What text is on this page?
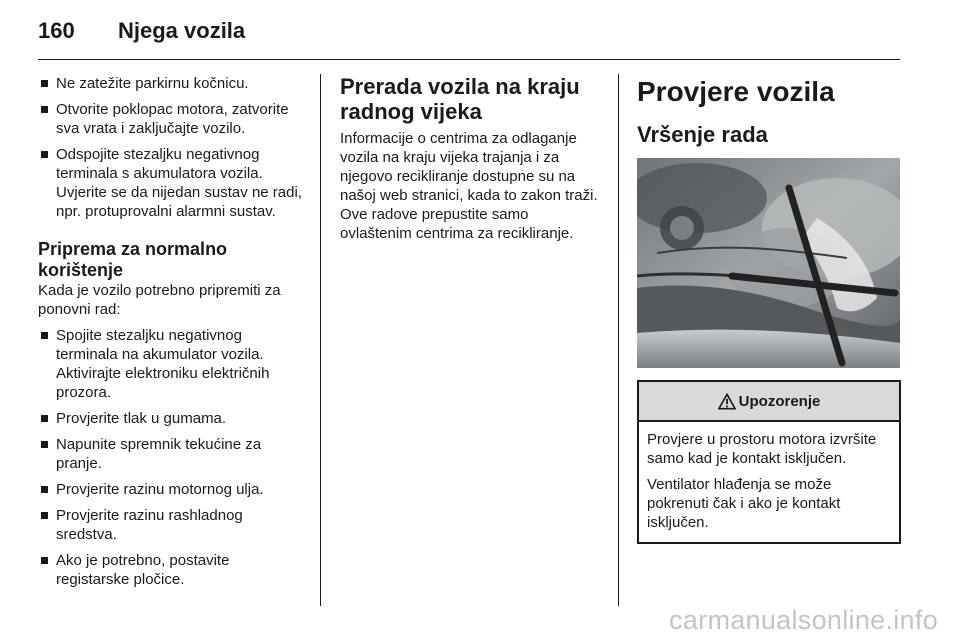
160 Njega vozila
Ne zatežite parkirnu kočnicu.
Otvorite poklopac motora, zatvorite sva vrata i zaključajte vozilo.
Odspojite stezaljku negativnog terminala s akumulatora vozila. Uvjerite se da nijedan sustav ne radi, npr. protuprovalni alarmni sustav.
Priprema za normalno korištenje

Kada je vozilo potrebno pripremiti za ponovni rad:

Spojite stezaljku negativnog terminala na akumulator vozila. Aktivirajte elektroniku električnih prozora.
Provjerite tlak u gumama.
Napunite spremnik tekućine za pranje.
Provjerite razinu motornog ulja.
Provjerite razinu rashladnog sredstva.
Ako je potrebno, postavite registarske pločice.
Prerada vozila na kraju radnog vijeka

Informacije o centrima za odlaganje vozila na kraju vijeka trajanja i za njegovo recikliranje dostupne su na našoj web stranici, kada to zakon traži. Ove radove prepustite samo ovlaštenim centrima za recikliranje.

Provjere vozila
Vršenje rada
Upozorenje

Provjere u prostoru motora izvršite samo kad je kontakt isključen.

Ventilator hlađenja se može pokrenuti čak i ako je kontakt isključen.

carmanualsonline.info
